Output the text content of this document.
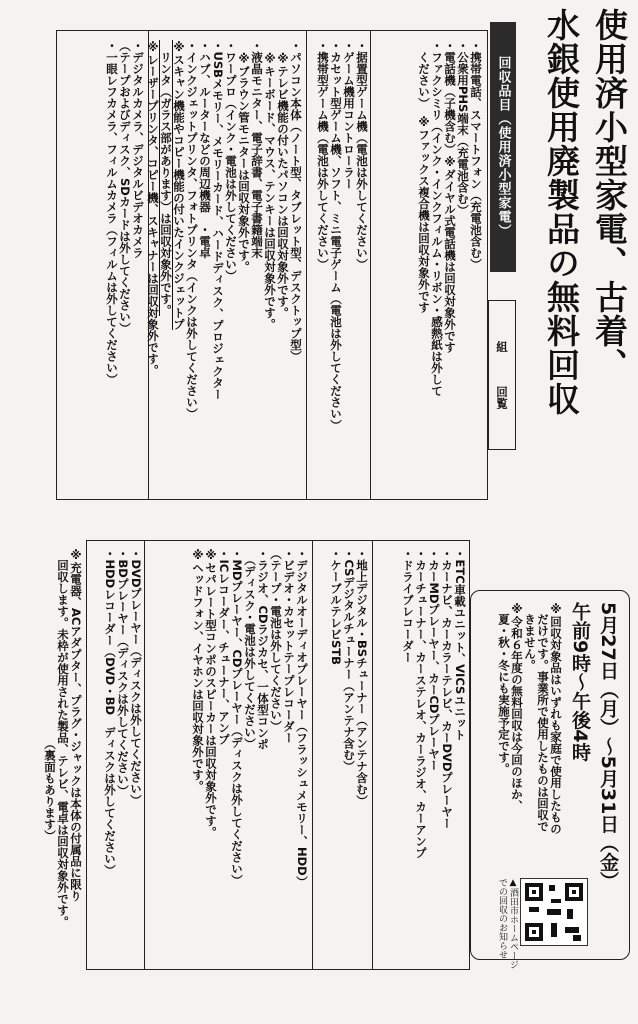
使用済小型家電、古着、
水銀使用廃製品の無料回収
回収品目（使用済小型家電）
組
回覧
・携帯電話、スマートフォン（充電池含む）
・公衆用PHS端末（充電池含む）
・電話機（子機含む）※ダイヤル式電話機は回収対象外です
・ファクシミリ（インク・インクフィルム・リボン・感熱紙は外して
　ください）　※ファックス複合機は回収対象外です
・据置型ゲーム機（電池は外してください）
・ゲーム機用コントローラー
・カセット型ゲーム機、ソフト、ミニ電子ゲーム（電池は外してください）
・携帯型ゲーム機（電池は外してください）
・パソコン本体（ノート型、タブレット型、デスクトップ型）
　※テレビ機能の付いたパソコンは回収対象外です。
　※キーボード、マウス、テンキーは回収対象外です。
・液晶モニター、電子辞書、電子書籍端末
　※ブラウン管モニターは回収対象外です。
・ワープロ（インク・電池は外してください）
・USBメモリー、メモリーカード、ハードディスク、プロジェクター
・ハブ、ルーターなどの周辺機器　・電卓
・インクジェットプリンタ、フォトプリンタ（インクは外してください）
※スキャン機能やコピー機能の付いたインクジェットプ
　リンタ（ガラス部があります）は回収対象外です。
※レーザープリンタ、コピー機、スキャナーは回収対象外です。
・デジタルカメラ、デジタルビデオカメラ
（テープおよびディスク、SDカードは外してください）
・一眼レフカメラ、フィルムカメラ（フィルムは外してください）
5月27日（月）～5月31日（金）
午前9時～午後4時
※回収対象品はいずれも家庭で使用したもの
　だけです。事業所で使用したものは回収で
　きません。
※令和６年度の無料回収は今回のほか、
　夏・秋・冬にも実施予定です。
▲酒田市ホームページ
での回収のお知らせ
・ETC車載ユニット、VICSユニット
・カーナビ、カーカラーテレビ、カーDVDプレーヤー
・カーMDプレーヤー、カーCDプレーヤー
・カーチューナー、カーステレオ、カーラジオ、カーアンプ
・ドライブレコーダー
・地上デジタル・BSチューナー（アンテナ含む）
・CSデジタルチューナー（アンテナ含む）
・ケーブルテレビSTB
・デジタルオーディオプレーヤー（フラッシュメモリー、HDD）
・ビデオ・カセットテープレコーダー
（テープ・電池は外してください）
・ラジオ、CDラジカセ、一体型コンポ
　（ディスク・電池は外してください）
・MDプレーヤー、CDプレーヤー（ディスクは外してください）
・ICレコーダー、チューナー、アンプ
※セパレート型コンポのスピーカーは回収対象外です。
※ヘッドフォン、イヤホンは回収対象外です。
・DVDプレーヤー（ディスクは外してください）
・BDプレーヤー（ディスクは外してください）
・HDDレコーダー（DVD・BD　ディスクは外してください）
※充電器、ACアダプター、プラグ・ジャックは本体の付属品に限り
　回収します。未枠が使用された製品、テレビ、電卓は回収対象外です。
　　　　　　　　　　　　　　　　　（裏面もあります）
